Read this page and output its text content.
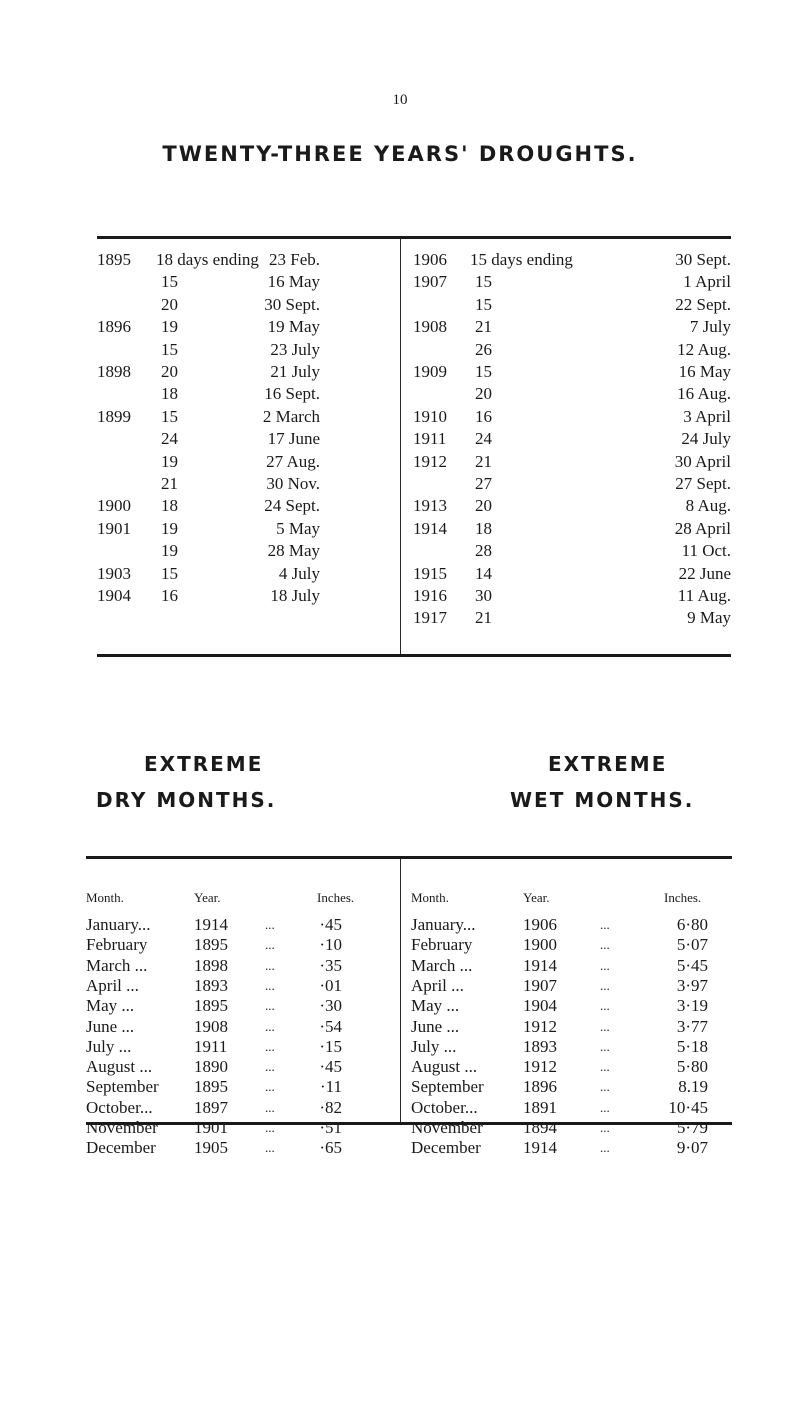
10
TWENTY-THREE YEARS' DROUGHTS.
1895 18 days ending 23 Feb.
15	16 May
20	30 Sept.
1896 19	19 May
15	23 July
1898 20	21 July
18	16 Sept.
1899 15	2 March
24	17 June
19	27 Aug.
21	30 Nov.
1900 18	24 Sept.
1901 19	5 May
19	28 May
1903 15	4 July
1904 16	18 July
1906 15 days ending	30 Sept.
1907 15	1 April
15	22 Sept.
1908 21	7 July
26	12 Aug.
1909 15	16 May
20	16 Aug.
1910 16	3 April
1911 24	24 July
1912 21	30 April
27	27 Sept.
1913 20	8 Aug.
1914 18	28 April
28	11 Oct.
1915 14	22 June
1916 30	11 Aug.
1917 21	9 May
EXTREME
DRY MONTHS.
EXTREME
WET MONTHS.
Month.	Year.	Inches.	Month.	Year.	Inches.
January...	1914	...	·45
February	1895	...	·10
March ...	1898	...	·35
April ...	1893	...	·01
May ...	1895	...	·30
June ...	1908	...	·54
July ...	1911	...	·15
August ... 1890	...	·45
September 1895	...	·11
October... 1897	...	·82
November 1901	...	·51
December 1905	...	·65
January...	1906	...	6·80
February	1900	...	5·07
March ...	1914	...	5·45
April ...	1907	...	3·97
May ...	1904	...	3·19
June ...	1912	...	3·77
July ...	1893	...	5·18
August ...	1912	...	5·80
September 1896	...	8.19
October...	1891	...	10·45
November 1894	...	5·79
December 1914	...	9·07
